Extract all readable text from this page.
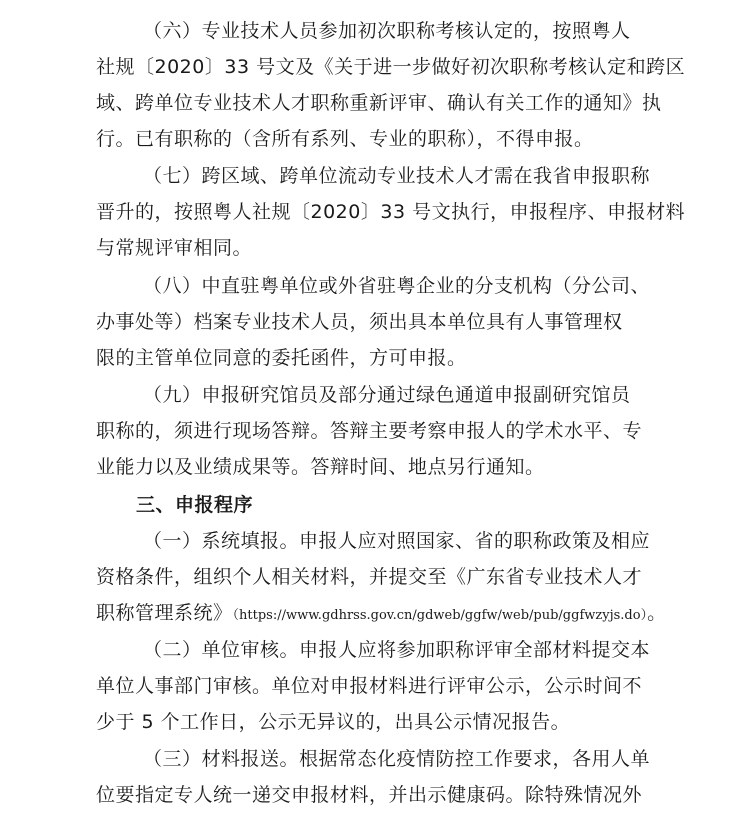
（六）专业技术人员参加初次职称考核认定的，按照粤人
社规〔2020〕33 号文及《关于进一步做好初次职称考核认定和跨区
域、跨单位专业技术人才职称重新评审、确认有关工作的通知》执
行。已有职称的（含所有系列、专业的职称），不得申报。
（七）跨区域、跨单位流动专业技术人才需在我省申报职称
晋升的，按照粤人社规〔2020〕33 号文执行，申报程序、申报材料
与常规评审相同。
（八）中直驻粤单位或外省驻粤企业的分支机构（分公司、
办事处等）档案专业技术人员，须出具本单位具有人事管理权
限的主管单位同意的委托函件，方可申报。
（九）申报研究馆员及部分通过绿色通道申报副研究馆员
职称的，须进行现场答辩。答辩主要考察申报人的学术水平、专
业能力以及业绩成果等。答辩时间、地点另行通知。
三、申报程序
（一）系统填报。申报人应对照国家、省的职称政策及相应
资格条件，组织个人相关材料，并提交至《广东省专业技术人才
职称管理系统》（https://www.gdhrss.gov.cn/gdweb/ggfw/web/pub/ggfwzyjs.do）。
（二）单位审核。申报人应将参加职称评审全部材料提交本
单位人事部门审核。单位对申报材料进行评审公示，公示时间不
少于 5 个工作日，公示无异议的，出具公示情况报告。
（三）材料报送。根据常态化疫情防控工作要求，各用人单
位要指定专人统一递交申报材料，并出示健康码。除特殊情况外
